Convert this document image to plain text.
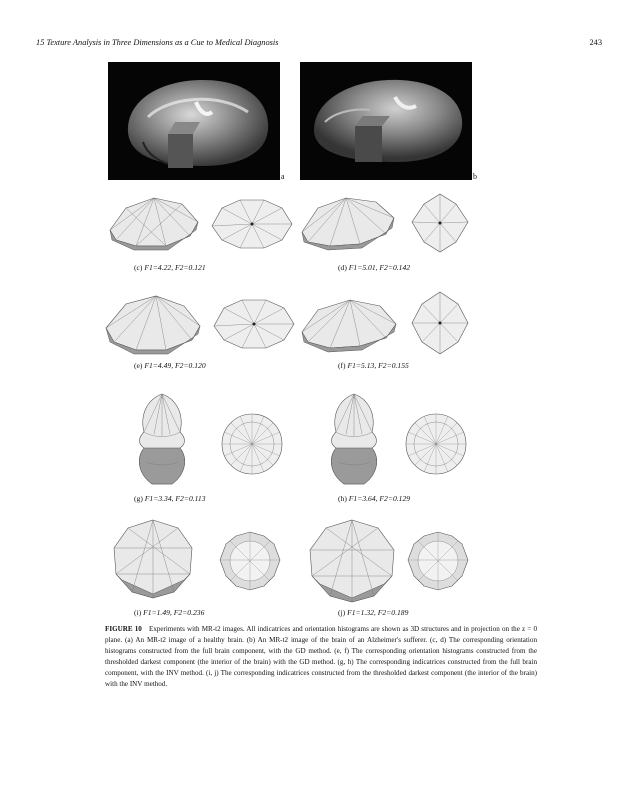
15 Texture Analysis in Three Dimensions as a Cue to Medical Diagnosis	243
a	b
(c) F1=4.22, F2=0.121	(d) F1=5.01, F2=0.142
(e) F1=4.49, F2=0.120	(f) F1=5.13, F2=0.155
(g) F1=3.34, F2=0.113	(h) F1=3.64, F2=0.129
(i) F1=1.49, F2=0.236	(j) F1=1.32, F2=0.189
FIGURE 10 Experiments with MR-t2 images. All indicatrices and orientation histograms are shown as 3D structures and in projection on the z = 0 plane. (a) An MR-t2 image of a healthy brain. (b) An MR-t2 image of the brain of an Alzheimer's sufferer. (c, d) The corresponding orientation histograms constructed from the full brain component, with the GD method. (e, f) The corresponding orientation histograms constructed from the thresholded darkest component (the interior of the brain) with the GD method. (g, h) The corresponding indicatrices constructed from the full brain component, with the INV method. (i, j) The corresponding indicatrices constructed from the thresholded darkest component (the interior of the brain) with the INV method.
